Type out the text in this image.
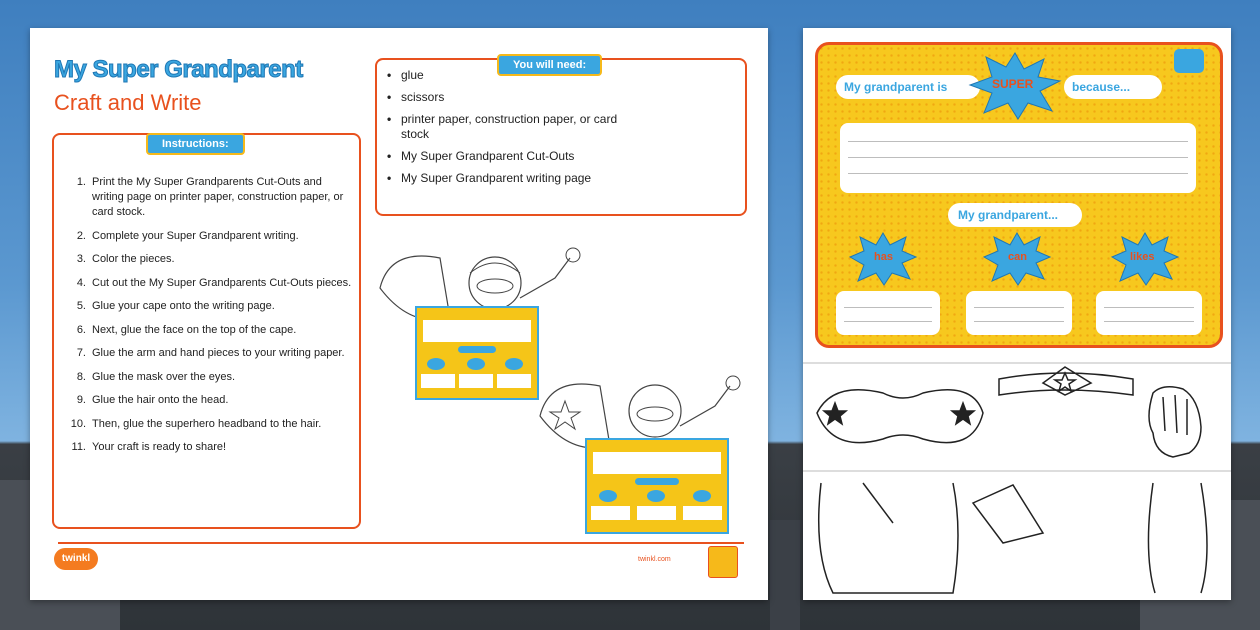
My Super Grandparent
Craft and Write
Instructions:
1. Print the My Super Grandparents Cut-Outs and writing page on printer paper, construction paper, or card stock.
2. Complete your Super Grandparent writing.
3. Color the pieces.
4. Cut out the My Super Grandparents Cut-Outs pieces.
5. Glue your cape onto the writing page.
6. Next, glue the face on the top of the cape.
7. Glue the arm and hand pieces to your writing paper.
8. Glue the mask over the eyes.
9. Glue the hair onto the head.
10. Then, glue the superhero headband to the hair.
11. Your craft is ready to share!
You will need:
• glue
• scissors
• printer paper, construction paper, or card stock
• My Super Grandparent Cut-Outs
• My Super Grandparent writing page
twinkl	twinkl.com
My grandparent is	SUPER	because...
My grandparent...
has	can	likes
